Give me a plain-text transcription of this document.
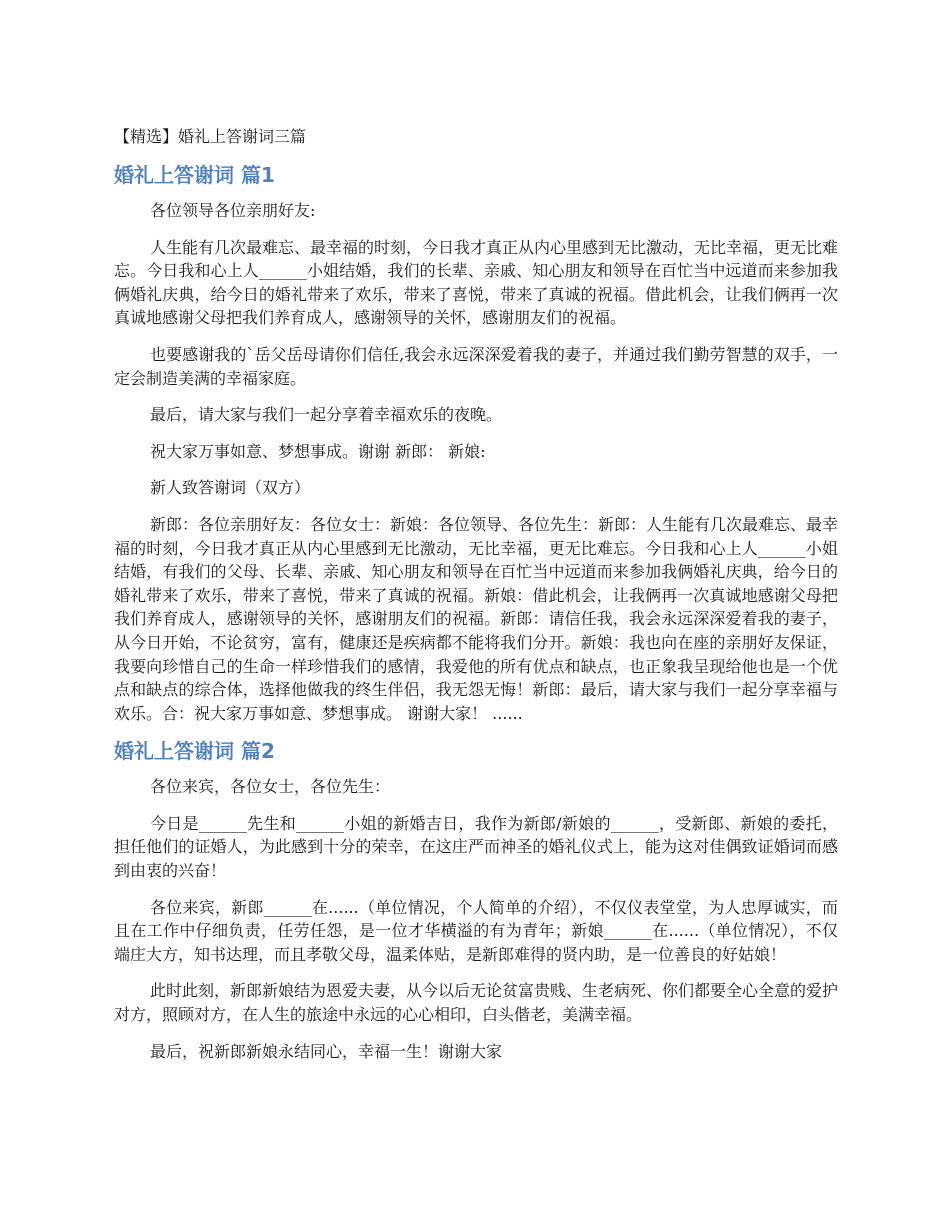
【精选】婚礼上答谢词三篇
婚礼上答谢词 篇1

各位领导各位亲朋好友:

人生能有几次最难忘、最幸福的时刻，今日我才真正从内心里感到无比激动，无比幸福，更无比难忘。今日我和心上人______小姐结婚，我们的长辈、亲戚、知心朋友和领导在百忙当中远道而来参加我俩婚礼庆典，给今日的婚礼带来了欢乐，带来了喜悦，带来了真诚的祝福。借此机会，让我们俩再一次真诚地感谢父母把我们养育成人，感谢领导的关怀，感谢朋友们的祝福。

也要感谢我的`岳父岳母请你们信任,我会永远深深爱着我的妻子，并通过我们勤劳智慧的双手，一定会制造美满的幸福家庭。

最后，请大家与我们一起分享着幸福欢乐的夜晚。

祝大家万事如意、梦想事成。谢谢 新郎： 新娘:

新人致答谢词（双方）

新郎：各位亲朋好友：各位女士：新娘：各位领导、各位先生：新郎：人生能有几次最难忘、最幸福的时刻，今日我才真正从内心里感到无比激动，无比幸福，更无比难忘。今日我和心上人______小姐结婚，有我们的父母、长辈、亲戚、知心朋友和领导在百忙当中远道而来参加我俩婚礼庆典，给今日的婚礼带来了欢乐，带来了喜悦，带来了真诚的祝福。新娘：借此机会，让我俩再一次真诚地感谢父母把我们养育成人，感谢领导的关怀，感谢朋友们的祝福。新郎：请信任我，我会永远深深爱着我的妻子，从今日开始，不论贫穷，富有，健康还是疾病都不能将我们分开。新娘：我也向在座的亲朋好友保证，我要向珍惜自己的生命一样珍惜我们的感情，我爱他的所有优点和缺点，也正象我呈现给他也是一个优点和缺点的综合体，选择他做我的终生伴侣，我无怨无悔！新郎：最后，请大家与我们一起分享幸福与欢乐。合：祝大家万事如意、梦想事成。 谢谢大家！ ......

婚礼上答谢词 篇2

各位来宾，各位女士，各位先生：

今日是______先生和______小姐的新婚吉日，我作为新郎/新娘的______，受新郎、新娘的委托，担任他们的证婚人，为此感到十分的荣幸，在这庄严而神圣的婚礼仪式上，能为这对佳偶致证婚词而感到由衷的兴奋！

各位来宾，新郎______在......（单位情况，个人简单的介绍），不仅仪表堂堂，为人忠厚诚实，而且在工作中仔细负责，任劳任怨，是一位才华横溢的有为青年；新娘______在......（单位情况），不仅端庄大方，知书达理，而且孝敬父母，温柔体贴，是新郎难得的贤内助，是一位善良的好姑娘！

此时此刻，新郎新娘结为恩爱夫妻，从今以后无论贫富贵贱、生老病死、你们都要全心全意的爱护对方，照顾对方，在人生的旅途中永远的心心相印，白头偕老，美满幸福。

最后，祝新郎新娘永结同心，幸福一生！谢谢大家
